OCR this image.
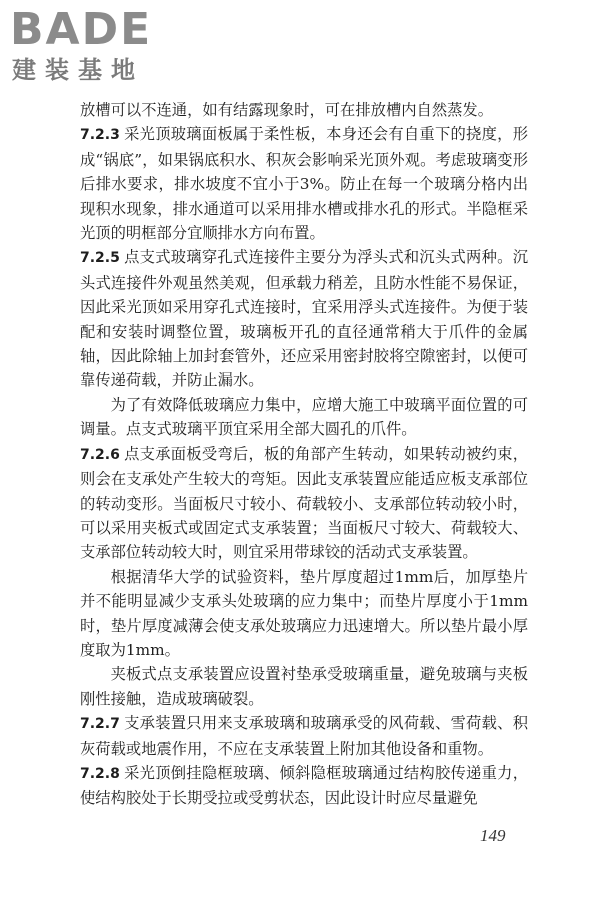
BADE
建装基地

放槽可以不连通，如有结露现象时，可在排放槽内自然蒸发。

7.2.3 采光顶玻璃面板属于柔性板，本身还会有自重下的挠度，形成“锅底”，如果锅底积水、积灰会影响采光顶外观。考虑玻璃变形后排水要求，排水坡度不宜小于3%。防止在每一个玻璃分格内出现积水现象，排水通道可以采用排水槽或排水孔的形式。半隐框采光顶的明框部分宜顺排水方向布置。

7.2.5 点支式玻璃穿孔式连接件主要分为浮头式和沉头式两种。沉头式连接件外观虽然美观，但承载力稍差，且防水性能不易保证，因此采光顶如采用穿孔式连接时，宜采用浮头式连接件。为便于装配和安装时调整位置，玻璃板开孔的直径通常稍大于爪件的金属轴，因此除轴上加封套管外，还应采用密封胶将空隙密封，以便可靠传递荷载，并防止漏水。

为了有效降低玻璃应力集中，应增大施工中玻璃平面位置的可调量。点支式玻璃平顶宜采用全部大圆孔的爪件。

7.2.6 点支承面板受弯后，板的角部产生转动，如果转动被约束，则会在支承处产生较大的弯矩。因此支承装置应能适应板支承部位的转动变形。当面板尺寸较小、荷载较小、支承部位转动较小时，可以采用夹板式或固定式支承装置；当面板尺寸较大、荷载较大、支承部位转动较大时，则宜采用带球铰的活动式支承装置。

根据清华大学的试验资料，垫片厚度超过1mm后，加厚垫片并不能明显减少支承头处玻璃的应力集中；而垫片厚度小于1mm时，垫片厚度减薄会使支承处玻璃应力迅速增大。所以垫片最小厚度取为1mm。

夹板式点支承装置应设置衬垫承受玻璃重量，避免玻璃与夹板刚性接触，造成玻璃破裂。

7.2.7 支承装置只用来支承玻璃和玻璃承受的风荷载、雪荷载、积灰荷载或地震作用，不应在支承装置上附加其他设备和重物。

7.2.8 采光顶倒挂隐框玻璃、倾斜隐框玻璃通过结构胶传递重力，使结构胶处于长期受拉或受剪状态，因此设计时应尽量避免

149
